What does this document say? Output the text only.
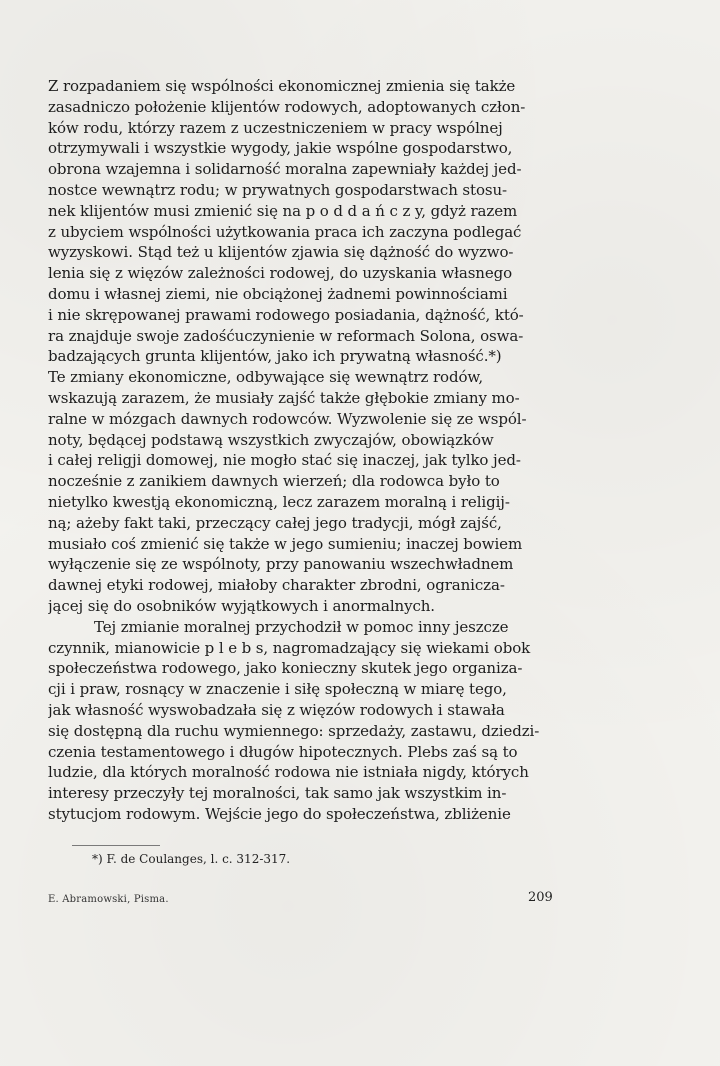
Z rozpadaniem się wspólności ekonomicznej zmienia się także
zasadniczo położenie klijentów rodowych, adoptowanych człon-
ków rodu, którzy razem z uczestniczeniem w pracy wspólnej
otrzymywali i wszystkie wygody, jakie wspólne gospodarstwo,
obrona wzajemna i solidarność moralna zapewniały każdej jed-
nostce wewnątrz rodu; w prywatnych gospodarstwach stosu-
nek klijentów musi zmienić się na p o d d a ń c z y, gdyż razem
z ubyciem wspólności użytkowania praca ich zaczyna podlegać
wyzyskowi. Stąd też u klijentów zjawia się dążność do wyzwo-
lenia się z więzów zależności rodowej, do uzyskania własnego
domu i własnej ziemi, nie obciążonej żadnemi powinnościami
i nie skrępowanej prawami rodowego posiadania, dążność, któ-
ra znajduje swoje zadośćuczynienie w reformach Solona, oswa-
badzających grunta klijentów, jako ich prywatną własność.*)
Te zmiany ekonomiczne, odbywające się wewnątrz rodów,
wskazują zarazem, że musiały zajść także głębokie zmiany mo-
ralne w mózgach dawnych rodowców. Wyzwolenie się ze wspól-
noty, będącej podstawą wszystkich zwyczajów, obowiązków
i całej religji domowej, nie mogło stać się inaczej, jak tylko jed-
nocześnie z zanikiem dawnych wierzeń; dla rodowca było to
nietylko kwestją ekonomiczną, lecz zarazem moralną i religij-
ną; ażeby fakt taki, przeczący całej jego tradycji, mógł zajść,
musiało coś zmienić się także w jego sumieniu; inaczej bowiem
wyłączenie się ze wspólnoty, przy panowaniu wszechwładnem
dawnej etyki rodowej, miałoby charakter zbrodni, ogranicza-
jącej się do osobników wyjątkowych i anormalnych.
Tej zmianie moralnej przychodził w pomoc inny jeszcze
czynnik, mianowicie p l e b s, nagromadzający się wiekami obok
społeczeństwa rodowego, jako konieczny skutek jego organiza-
cji i praw, rosnący w znaczenie i siłę społeczną w miarę tego,
jak własność wyswobadzała się z więzów rodowych i stawała
się dostępną dla ruchu wymiennego: sprzedaży, zastawu, dziedzi-
czenia testamentowego i długów hipotecznych. Plebs zaś są to
ludzie, dla których moralność rodowa nie istniała nigdy, których
interesy przeczyły tej moralności, tak samo jak wszystkim in-
stytucjom rodowym. Wejście jego do społeczeństwa, zbliżenie
*) F. de Coulanges, l. c. 312-317.
E. Abramowski, Pisma.	209
